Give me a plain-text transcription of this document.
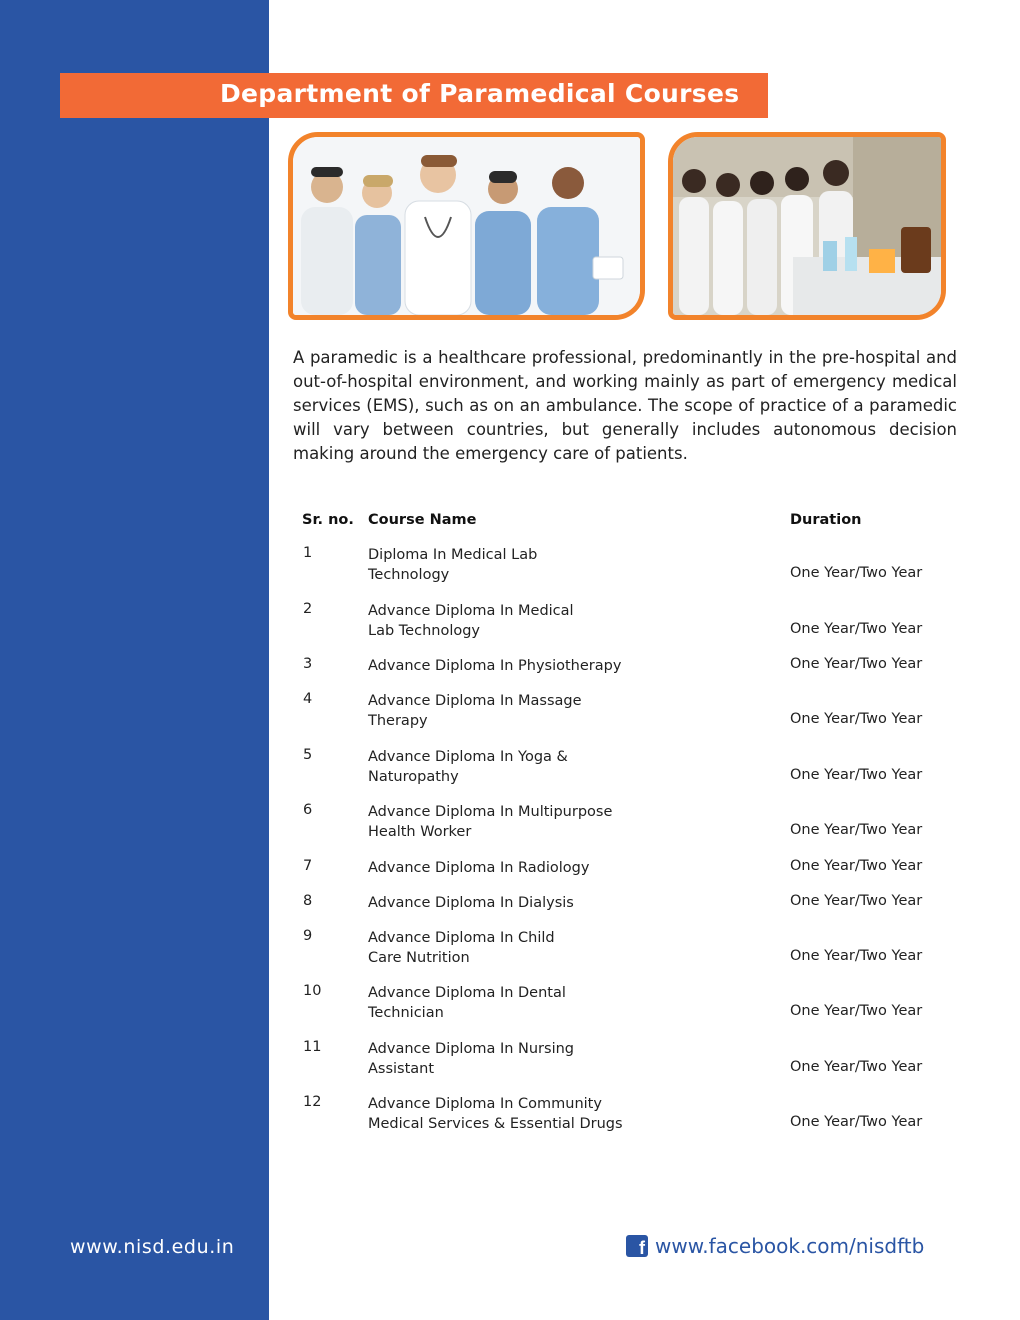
Department of Paramedical Courses
A paramedic is a healthcare professional, predominantly in the pre-hospital and out-of-hospital environment, and working mainly as part of emergency medical services (EMS), such as on an ambulance. The scope of practice of a paramedic will vary between countries, but generally includes autonomous decision making around the emergency care of patients.
Sr. no. Course Name	Duration
1	Diploma In Medical Lab
Technology	One Year/Two Year
2	Advance Diploma In Medical
Lab Technology	One Year/Two Year
3	Advance Diploma In Physiotherapy	One Year/Two Year
4	Advance Diploma In Massage
Therapy	One Year/Two Year
5	Advance Diploma In Yoga &
Naturopathy	One Year/Two Year
6	Advance Diploma In Multipurpose
Health Worker	One Year/Two Year
7	Advance Diploma In Radiology	One Year/Two Year
8	Advance Diploma In Dialysis	One Year/Two Year
9	Advance Diploma In Child
Care Nutrition	One Year/Two Year
10	Advance Diploma In Dental
Technician	One Year/Two Year
11	Advance Diploma In Nursing
Assistant	One Year/Two Year
12	Advance Diploma In Community
Medical Services & Essential Drugs	One Year/Two Year
www.nisd.edu.in	f www.facebook.com/nisdftb
